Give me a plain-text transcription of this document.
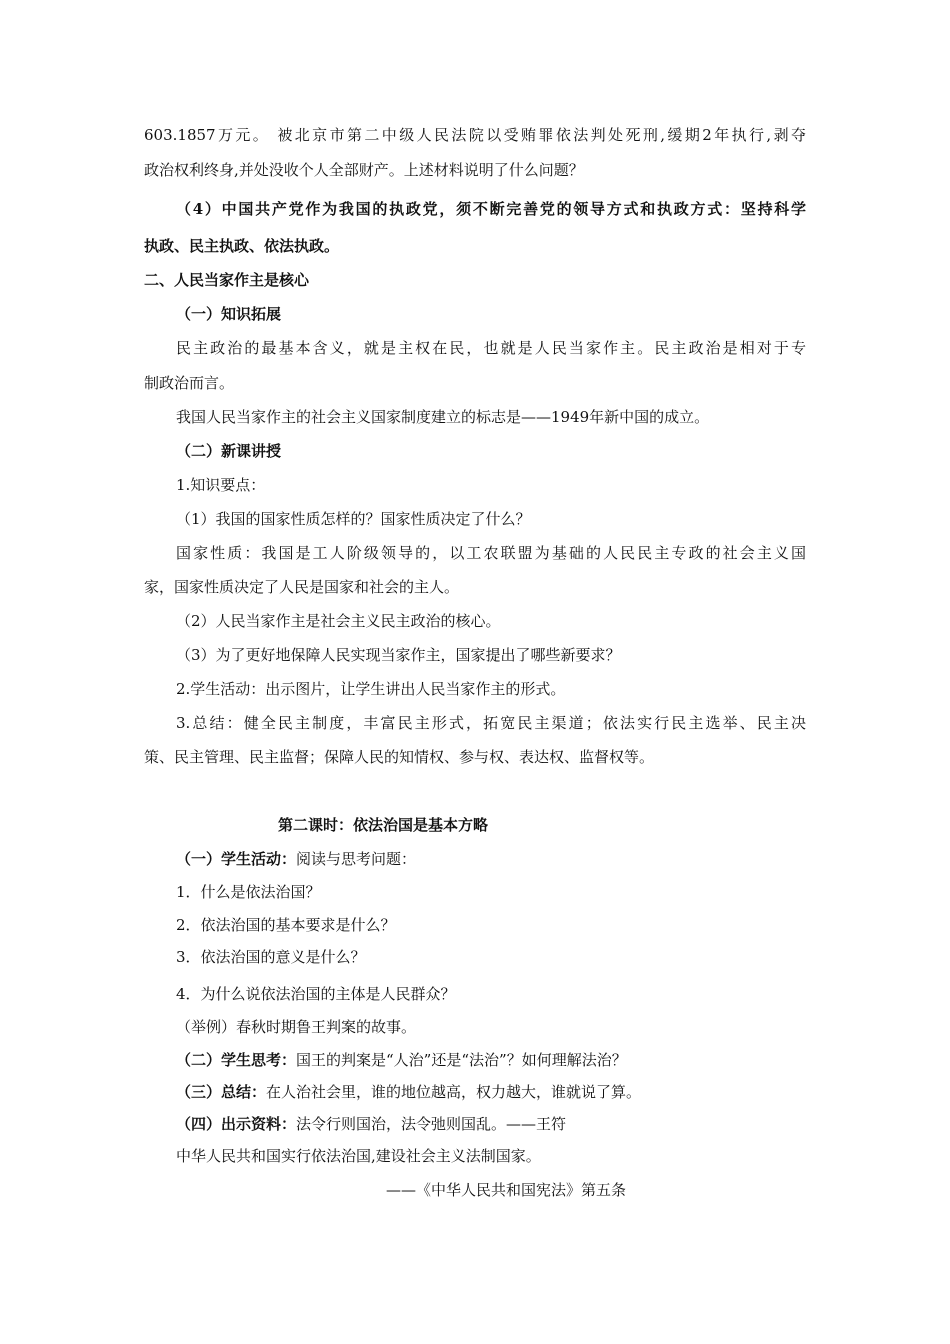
603.1857万元。 被北京市第二中级人民法院以受贿罪依法判处死刑,缓期2年执行,剥夺
政治权利终身,并处没收个人全部财产。上述材料说明了什么问题？
（4）中国共产党作为我国的执政党，须不断完善党的领导方式和执政方式：坚持科学
执政、民主执政、依法执政。
二、人民当家作主是核心
（一）知识拓展
民主政治的最基本含义，就是主权在民，也就是人民当家作主。民主政治是相对于专
制政治而言。
我国人民当家作主的社会主义国家制度建立的标志是——1949年新中国的成立。
（二）新课讲授
1.知识要点：
（1）我国的国家性质怎样的？国家性质决定了什么？
国家性质：我国是工人阶级领导的，以工农联盟为基础的人民民主专政的社会主义国
家，国家性质决定了人民是国家和社会的主人。
（2）人民当家作主是社会主义民主政治的核心。
（3）为了更好地保障人民实现当家作主，国家提出了哪些新要求？
2.学生活动：出示图片，让学生讲出人民当家作主的形式。
3.总结：健全民主制度，丰富民主形式，拓宽民主渠道；依法实行民主选举、民主决
策、民主管理、民主监督；保障人民的知情权、参与权、表达权、监督权等。
第二课时：依法治国是基本方略
（一）学生活动：阅读与思考问题：
1．什么是依法治国？
2．依法治国的基本要求是什么？
3．依法治国的意义是什么？
4．为什么说依法治国的主体是人民群众？
（举例）春秋时期鲁王判案的故事。
（二）学生思考：国王的判案是“人治”还是“法治”？如何理解法治？
（三）总结：在人治社会里，谁的地位越高，权力越大，谁就说了算。
（四）出示资料：法令行则国治，法令弛则国乱。——王符
中华人民共和国实行依法治国,建设社会主义法制国家。
——《中华人民共和国宪法》第五条
